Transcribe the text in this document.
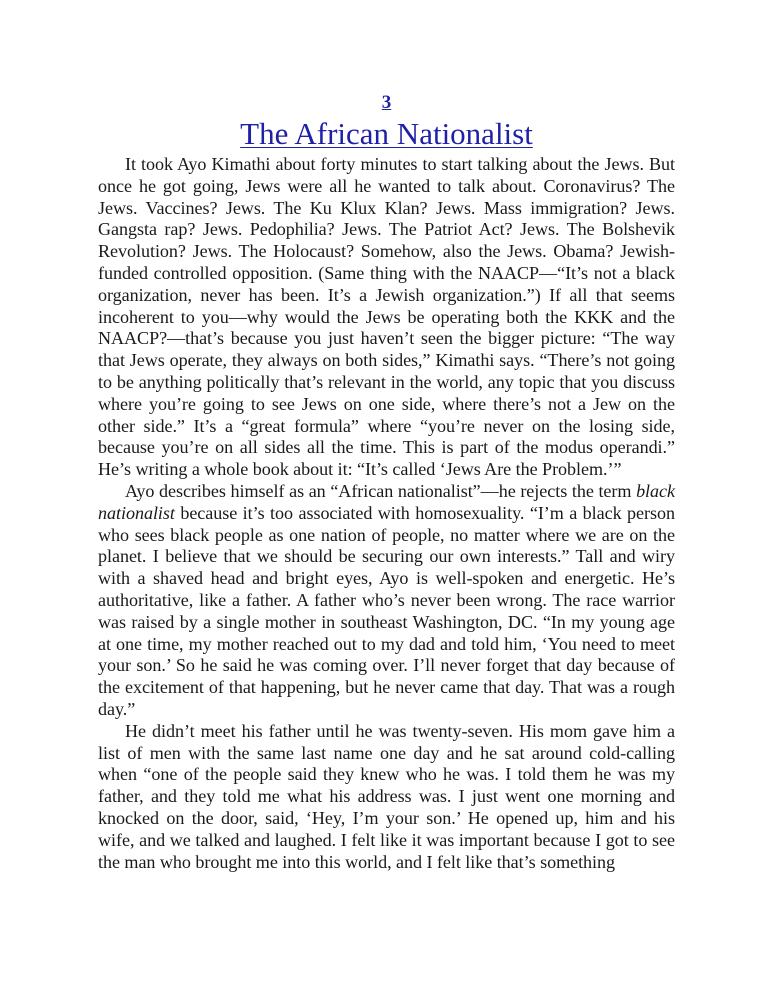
3
The African Nationalist

It took Ayo Kimathi about forty minutes to start talking about the Jews. But once he got going, Jews were all he wanted to talk about. Coronavirus? The Jews. Vaccines? Jews. The Ku Klux Klan? Jews. Mass immigration? Jews. Gangsta rap? Jews. Pedophilia? Jews. The Patriot Act? Jews. The Bolshevik Revolution? Jews. The Holocaust? Somehow, also the Jews. Obama? Jewish-funded controlled opposition. (Same thing with the NAACP—“It’s not a black organization, never has been. It’s a Jewish organization.”) If all that seems incoherent to you—why would the Jews be operating both the KKK and the NAACP?—that’s because you just haven’t seen the bigger picture: “The way that Jews operate, they always on both sides,” Kimathi says. “There’s not going to be anything politically that’s relevant in the world, any topic that you discuss where you’re going to see Jews on one side, where there’s not a Jew on the other side.” It’s a “great formula” where “you’re never on the losing side, because you’re on all sides all the time. This is part of the modus operandi.” He’s writing a whole book about it: “It’s called ‘Jews Are the Problem.’”

Ayo describes himself as an “African nationalist”—he rejects the term black nationalist because it’s too associated with homosexuality. “I’m a black person who sees black people as one nation of people, no matter where we are on the planet. I believe that we should be securing our own interests.” Tall and wiry with a shaved head and bright eyes, Ayo is well-spoken and energetic. He’s authoritative, like a father. A father who’s never been wrong. The race warrior was raised by a single mother in southeast Washington, DC. “In my young age at one time, my mother reached out to my dad and told him, ‘You need to meet your son.’ So he said he was coming over. I’ll never forget that day because of the excitement of that happening, but he never came that day. That was a rough day.”

He didn’t meet his father until he was twenty-seven. His mom gave him a list of men with the same last name one day and he sat around cold-calling when “one of the people said they knew who he was. I told them he was my father, and they told me what his address was. I just went one morning and knocked on the door, said, ‘Hey, I’m your son.’ He opened up, him and his wife, and we talked and laughed. I felt like it was important because I got to see the man who brought me into this world, and I felt like that’s something
